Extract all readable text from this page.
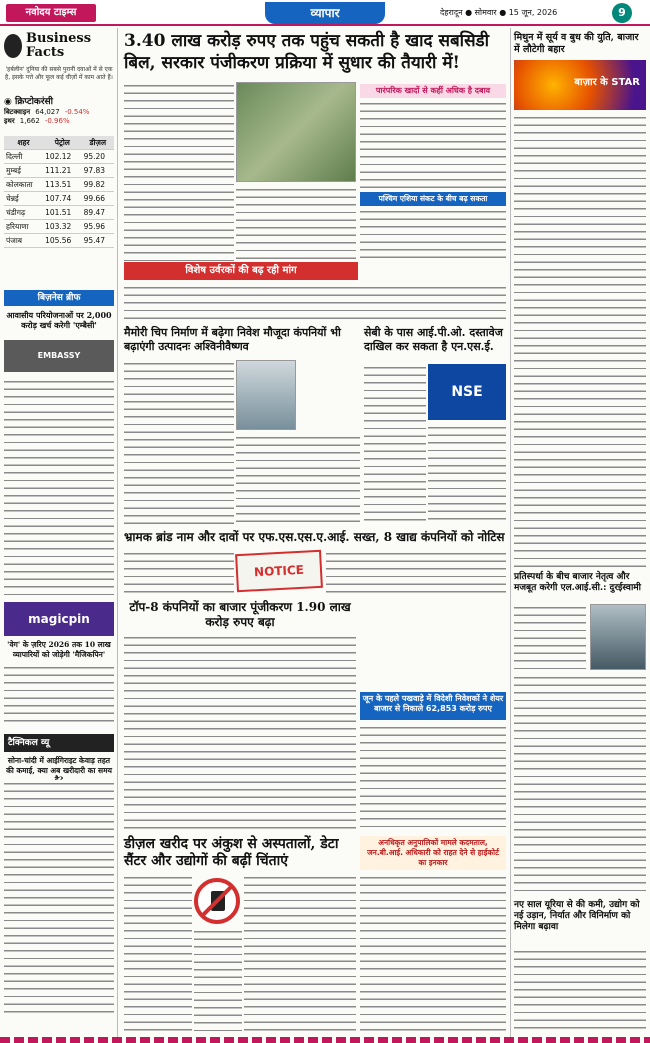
नवोदय टाइम्स	व्यापार	देहरादून ● सोमवार ● 15 जून, 2026	9
Business Facts
'हर्बलीन' दुनिया की सबसे पुरानी दवाओं में से एक है, इसके पत्ते और फूल कई चीज़ों में काम आते हैं।
◉ क्रिप्टोकरंसी
बिटक्वाइन 64,027 -0.54%
इथर 1,662 -0.96%
शहर	पेट्रोल	डीज़ल
दिल्ली	102.12	95.20
मुम्बई	111.21	97.83
कोलकाता	113.51	99.82
चेन्नई	107.74	99.66
चंडीगढ़	101.51	89.47
हरियाणा	103.32	95.96
पंजाब	105.56	95.47
बिज़नेस ब्रीफ
आवासीय परियोजनाओं पर 2,000 करोड़ खर्च करेगी 'एम्बैसी'
EMBASSY
magicpin
'वेग' के ज़रिए 2026 तक 10 लाख व्यापारियों को जोड़ेगी 'मैजिकपिन'
टैक्निकल व्यू
सोना-चांदी में आईगिराइट केवाड़ तहत की कमाई, क्या अब खरीदारी का समय
3.40 लाख करोड़ रुपए तक पहुंच सकती है खाद सबसिडी बिल, सरकार पंजीकरण प्रक्रिया में सुधार की तैयारी में!
पारंपरिक खादों से कहीं अधिक है दबाव
पश्चिम एशिया संकट के बीच बढ़ सकता
विशेष उर्वरकों की बढ़ रही मांग
मैमोरी चिप निर्माण में बढ़ेगा निवेश मौजूदा कंपनियों भी बढ़ाएंगी उत्पादनः अश्विनीवैष्णव
सेबी के पास आई.पी.ओ. दस्तावेज दाखिल कर सकता है एन.एस.ई.
NSE
भ्रामक ब्रांड नाम और दावों पर एफ.एस.एस.ए.आई. सख्त, 8 खाद्य कंपनियों को नोटिस
NOTICE
टॉप-8 कंपनियों का बाजार पूंजीकरण 1.90 लाख करोड़ रुपए बढ़ा
जून के पहले पखवाड़े में विदेशी निवेशकों ने शेयर बाजार से निकाले 62,853 करोड़ रुपए
डीज़ल खरीद पर अंकुश से अस्पतालों, डेटा सैंटर और उद्योगों की बढ़ीं चिंताएं
अनधिकृत अनुपालिकों मामले कदमताल, जन.बी.आई. अधिकारी को राहत देने से हाईकोर्ट का इनकार
मिथुन में सूर्य व बुध की युति, बाजार में लौटेगी बहार
बाज़ार के STAR
प्रतिस्पर्धा के बीच बाजार नेतृत्व और मजबूत करेगी एल.आई.सी.: दुरईस्वामी
नए साल यूरिया से की कमी, उद्योग को नई उड़ान, निर्यात और विनिर्माण को मिलेगा बढ़ावा
